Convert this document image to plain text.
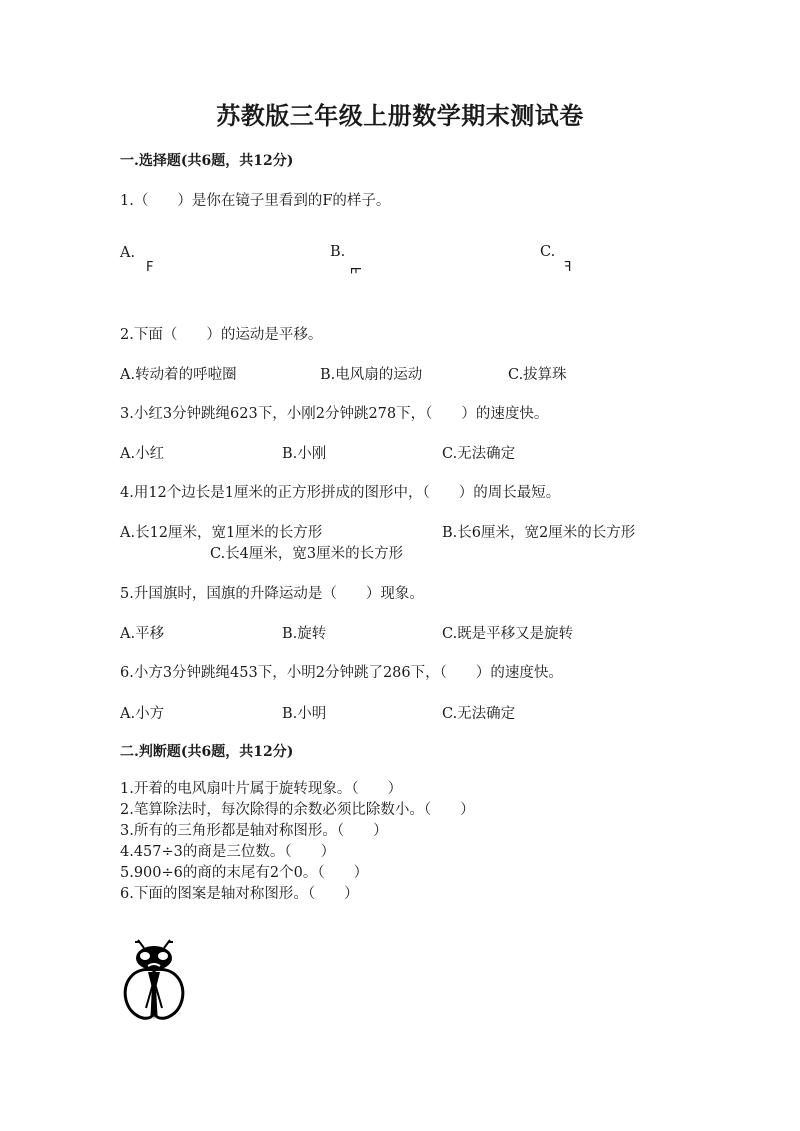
苏教版三年级上册数学期末测试卷
一.选择题(共6题，共12分)
1.（　　）是你在镜子里看到的F的样子。
A.
F
B.
F
C.
F
2.下面（　　）的运动是平移。
A.转动着的呼啦圈	B.电风扇的运动	C.拔算珠
3.小红3分钟跳绳623下，小刚2分钟跳278下，（　　）的速度快。
A.小红	B.小刚	C.无法确定
4.用12个边长是1厘米的正方形拼成的图形中，（　　）的周长最短。
A.长12厘米，宽1厘米的长方形	B.长6厘米，宽2厘米的长方形
C.长4厘米，宽3厘米的长方形
5.升国旗时，国旗的升降运动是（　　）现象。
A.平移	B.旋转	C.既是平移又是旋转
6.小方3分钟跳绳453下，小明2分钟跳了286下，（　　）的速度快。
A.小方	B.小明	C.无法确定
二.判断题(共6题，共12分)
1.开着的电风扇叶片属于旋转现象。（　　）
2.笔算除法时，每次除得的余数必须比除数小。（　　）
3.所有的三角形都是轴对称图形。（　　）
4.457÷3的商是三位数。（　　）
5.900÷6的商的末尾有2个0。（　　）
6.下面的图案是轴对称图形。（　　）
